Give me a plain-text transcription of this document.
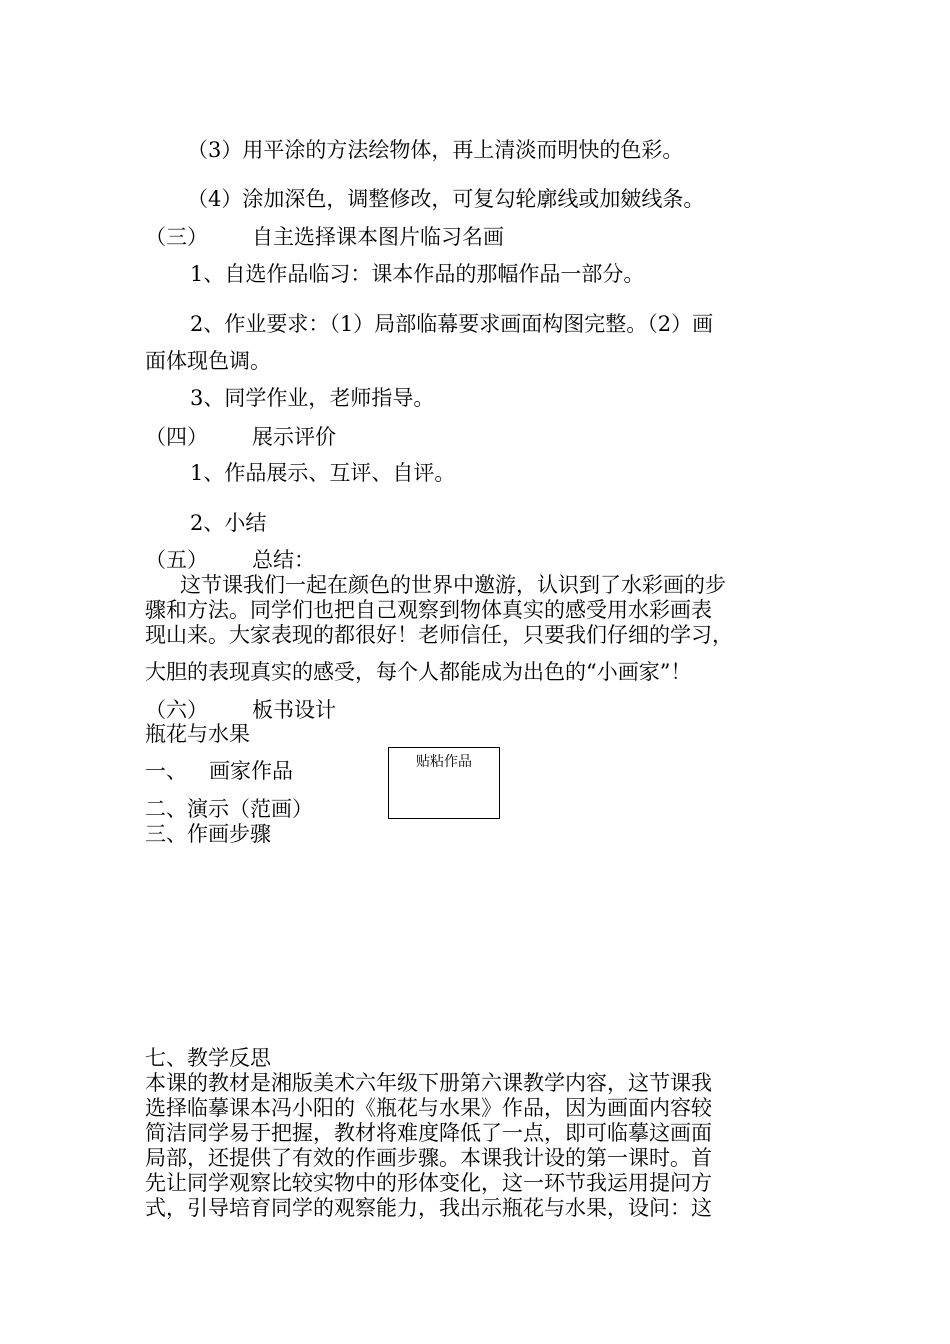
（3）用平涂的方法绘物体，再上清淡而明快的色彩。
（4）涂加深色，调整修改，可复勾轮廓线或加皴线条。
（三） 自主选择课本图片临习名画
1、自选作品临习：课本作品的那幅作品一部分。
2、作业要求：（1）局部临幕要求画面构图完整。（2）画
面体现色调。
3、同学作业，老师指导。
（四） 展示评价
1、作品展示、互评、自评。
2、小结
（五） 总结：
这节课我们一起在颜色的世界中邀游，认识到了水彩画的步
骤和方法。同学们也把自己观察到物体真实的感受用水彩画表
现山来。大家表现的都很好！老师信任，只要我们仔细的学习，
大胆的表现真实的感受，每个人都能成为出色的“小画家”！
（六） 板书设计
瓶花与水果
一、 画家作品
二、演示（范画）
三、作画步骤
贴粘作品
七、教学反思
本课的教材是湘版美术六年级下册第六课教学内容，这节课我
选择临摹课本冯小阳的《瓶花与水果》作品，因为画面内容较
简洁同学易于把握，教材将难度降低了一点，即可临摹这画面
局部，还提供了有效的作画步骤。本课我计设的第一课时。首
先让同学观察比较实物中的形体变化，这一环节我运用提问方
式，引导培育同学的观察能力，我出示瓶花与水果，设问：这
